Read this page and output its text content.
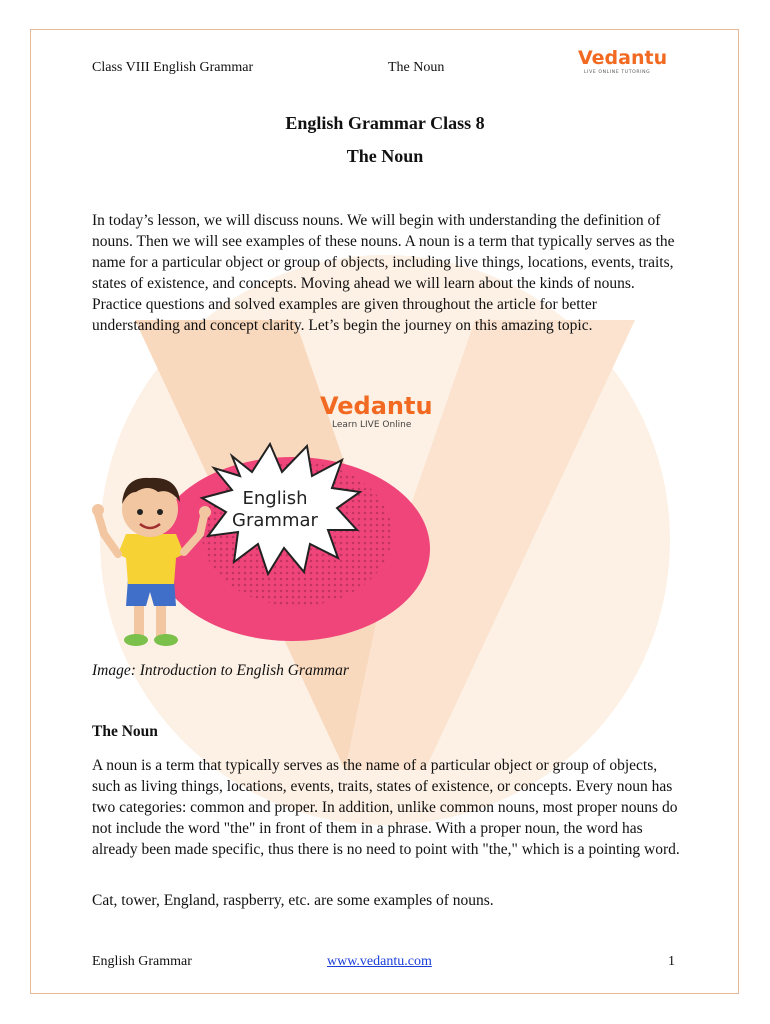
Class VIII English Grammar	The Noun	Vedantu
LIVE ONLINE TUTORING
English Grammar Class 8
The Noun

In today’s lesson, we will discuss nouns. We will begin with understanding the definition of nouns. Then we will see examples of these nouns. A noun is a term that typically serves as the name for a particular object or group of objects, including live things, locations, events, traits, states of existence, and concepts. Moving ahead we will learn about the kinds of nouns. Practice questions and solved examples are given throughout the article for better understanding and concept clarity. Let’s begin the journey on this amazing topic.

Vedantu
Learn LIVE Online
English
Grammar
Image: Introduction to English Grammar
The Noun

A noun is a term that typically serves as the name of a particular object or group of objects, such as living things, locations, events, traits, states of existence, or concepts. Every noun has two categories: common and proper. In addition, unlike common nouns, most proper nouns do not include the word "the" in front of them in a phrase. With a proper noun, the word has already been made specific, thus there is no need to point with "the," which is a pointing word.

Cat, tower, England, raspberry, etc. are some examples of nouns.

English Grammar	www.vedantu.com	1
